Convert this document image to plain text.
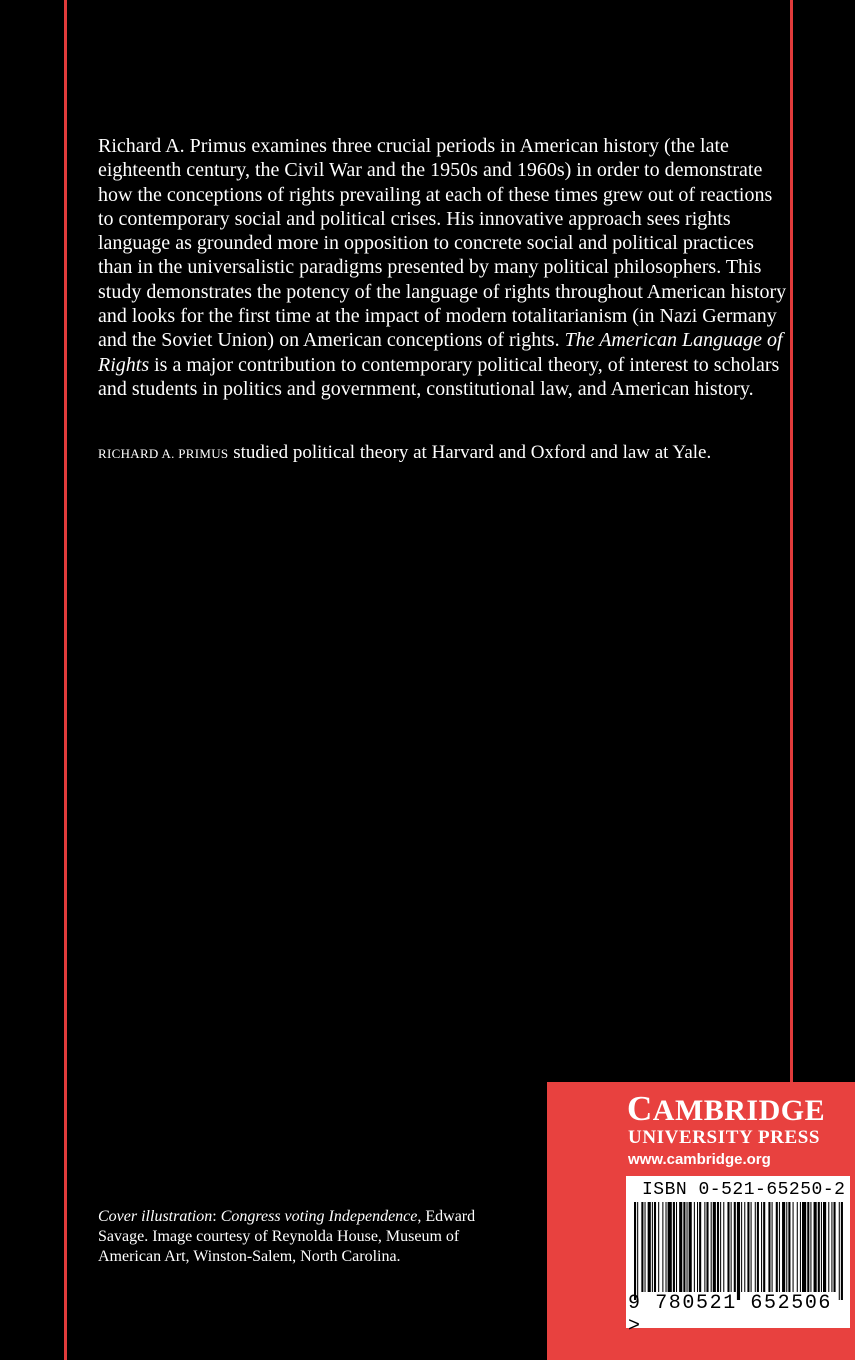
Richard A. Primus examines three crucial periods in American history (the late eighteenth century, the Civil War and the 1950s and 1960s) in order to demonstrate how the conceptions of rights prevailing at each of these times grew out of reactions to contemporary social and political crises. His innovative approach sees rights language as grounded more in opposition to concrete social and political practices than in the universalistic paradigms presented by many political philosophers. This study demonstrates the potency of the language of rights throughout American history and looks for the first time at the impact of modern totalitarianism (in Nazi Germany and the Soviet Union) on American conceptions of rights. The American Language of Rights is a major contribution to contemporary political theory, of interest to scholars and students in politics and government, constitutional law, and American history.

RICHARD A. PRIMUS studied political theory at Harvard and Oxford and law at Yale.

Cover illustration: Congress voting Independence, Edward Savage. Image courtesy of Reynolda House, Museum of American Art, Winston-Salem, North Carolina.

CAMBRIDGE
UNIVERSITY PRESS
www.cambridge.org
ISBN 0-521-65250-2
9 780521 652506 >
